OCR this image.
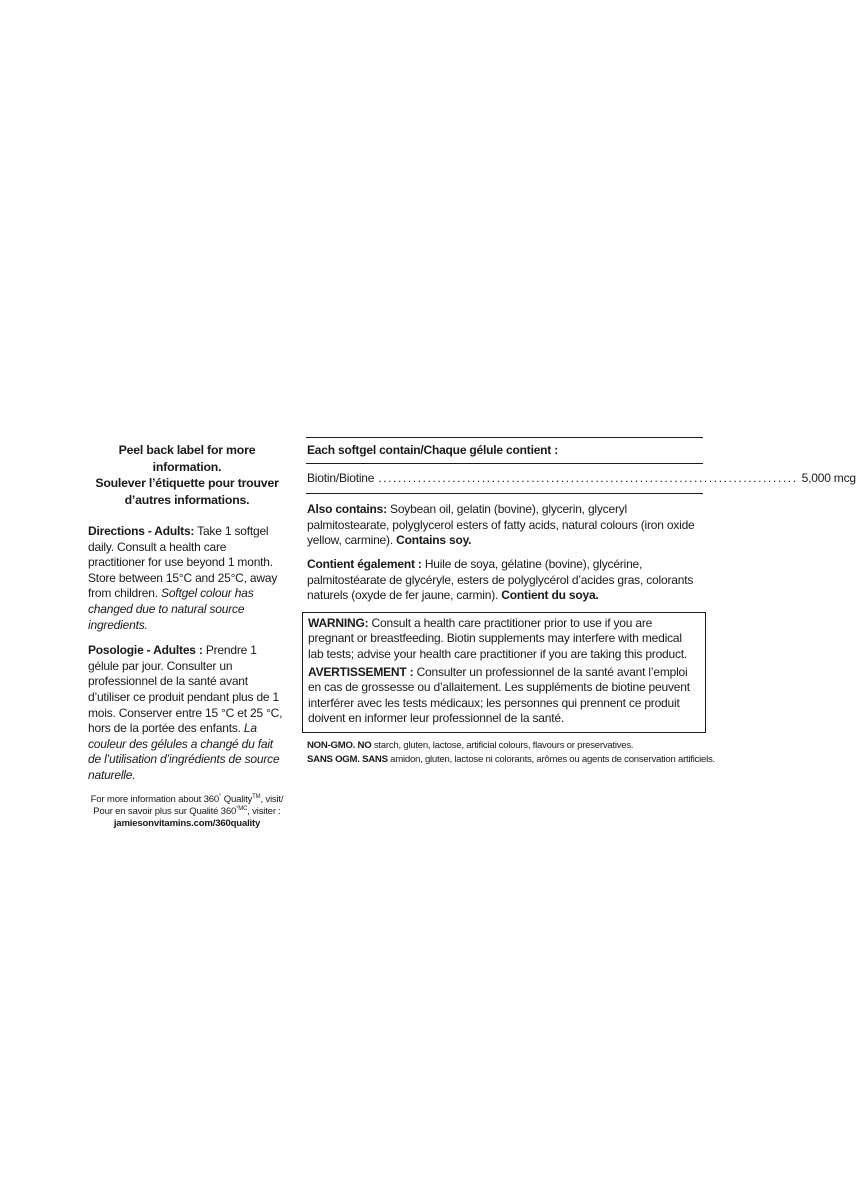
Peel back label for more information.
Soulever l’étiquette pour trouver
d’autres informations.

Directions - Adults: Take 1 softgel daily. Consult a health care practitioner for use beyond 1 month. Store between 15°C and 25°C, away from children. Softgel colour has changed due to natural source ingredients.

Posologie - Adultes : Prendre 1 gélule par jour. Consulter un professionnel de la santé avant d’utiliser ce produit pendant plus de 1 mois. Conserver entre 15 °C et 25 °C, hors de la portée des enfants. La couleur des gélules a changé du fait de l’utilisation d’ingrédients de source naturelle.

For more information about 360° Quality™, visit/
Pour en savoir plus sur Qualité $360^{^\circ MC}$, visiter :
jamiesonvitamins.com/360quality
Each softgel contain/Chaque gélule contient :
Biotin/Biotine ..................................................................................... 5,000 mcg
Also contains: Soybean oil, gelatin (bovine), glycerin, glyceryl palmitostearate, polyglycerol esters of fatty acids, natural colours (iron oxide yellow, carmine). Contains soy.
Contient également : Huile de soya, gélatine (bovine), glycérine, palmitostéarate de glycéryle, esters de polyglycérol d’acides gras, colorants naturels (oxyde de fer jaune, carmin). Contient du soya.

WARNING: Consult a health care practitioner prior to use if you are pregnant or breastfeeding. Biotin supplements may interfere with medical lab tests; advise your health care practitioner if you are taking this product.

AVERTISSEMENT : Consulter un professionnel de la santé avant l’emploi en cas de grossesse ou d’allaitement. Les suppléments de biotine peuvent interférer avec les tests médicaux; les personnes qui prennent ce produit doivent en informer leur professionnel de la santé.

NON-GMO. NO starch, gluten, lactose, artificial colours, flavours or preservatives.
SANS OGM. SANS amidon, gluten, lactose ni colorants, arômes ou agents de conservation artificiels.
